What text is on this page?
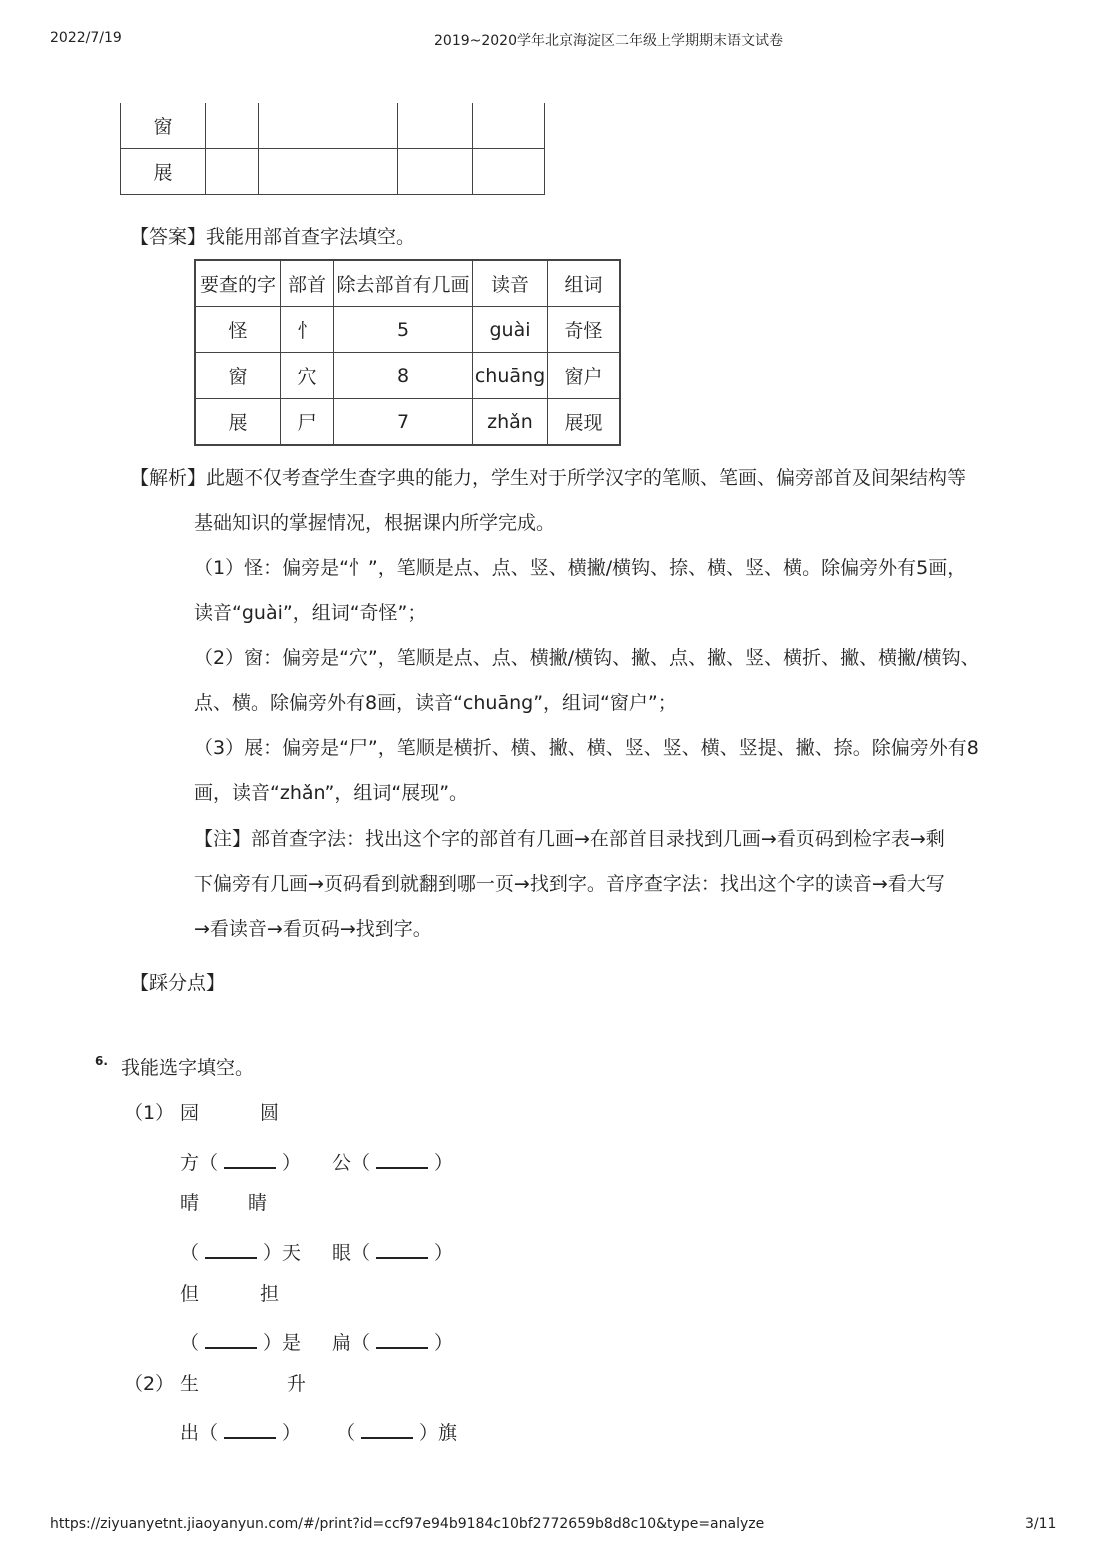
2022/7/19	2019~2020学年北京海淀区二年级上学期期末语文试卷
窗				
展				
【答案】我能用部首查字法填空。
要查的字	部首	除去部首有几画	读音	组词
怪	忄	5	guài	奇怪
窗	穴	8	chuāng	窗户
展	尸	7	zhǎn	展现
【解析】此题不仅考查学生查字典的能力，学生对于所学汉字的笔顺、笔画、偏旁部首及间架结构等
基础知识的掌握情况，根据课内所学完成。
（1）怪：偏旁是“忄”，笔顺是点、点、竖、横撇/横钩、捺、横、竖、横。除偏旁外有5画，
读音“guài”，组词“奇怪”；
（2）窗：偏旁是“穴”，笔顺是点、点、横撇/横钩、撇、点、撇、竖、横折、撇、横撇/横钩、
点、横。除偏旁外有8画，读音“chuāng”，组词“窗户”；
（3）展：偏旁是“尸”，笔顺是横折、横、撇、横、竖、竖、横、竖提、撇、捺。除偏旁外有8
画，读音“zhǎn”，组词“展现”。
【注】部首查字法：找出这个字的部首有几画→在部首目录找到几画→看页码到检字表→剩
下偏旁有几画→页码看到就翻到哪一页→找到字。音序查字法：找出这个字的读音→看大写
→看读音→看页码→找到字。
【踩分点】
6. 我能选字填空。
（1） 园	圆
方（	） 公（	）
晴	睛
（	）天 眼（	）
但	担
（	）是 扁（	）
（2） 生	升
出（	） （	）旗
https://ziyuanyetnt.jiaoyanyun.com/#/print?id=ccf97e94b9184c10bf2772659b8d8c10&type=analyze	3/11
